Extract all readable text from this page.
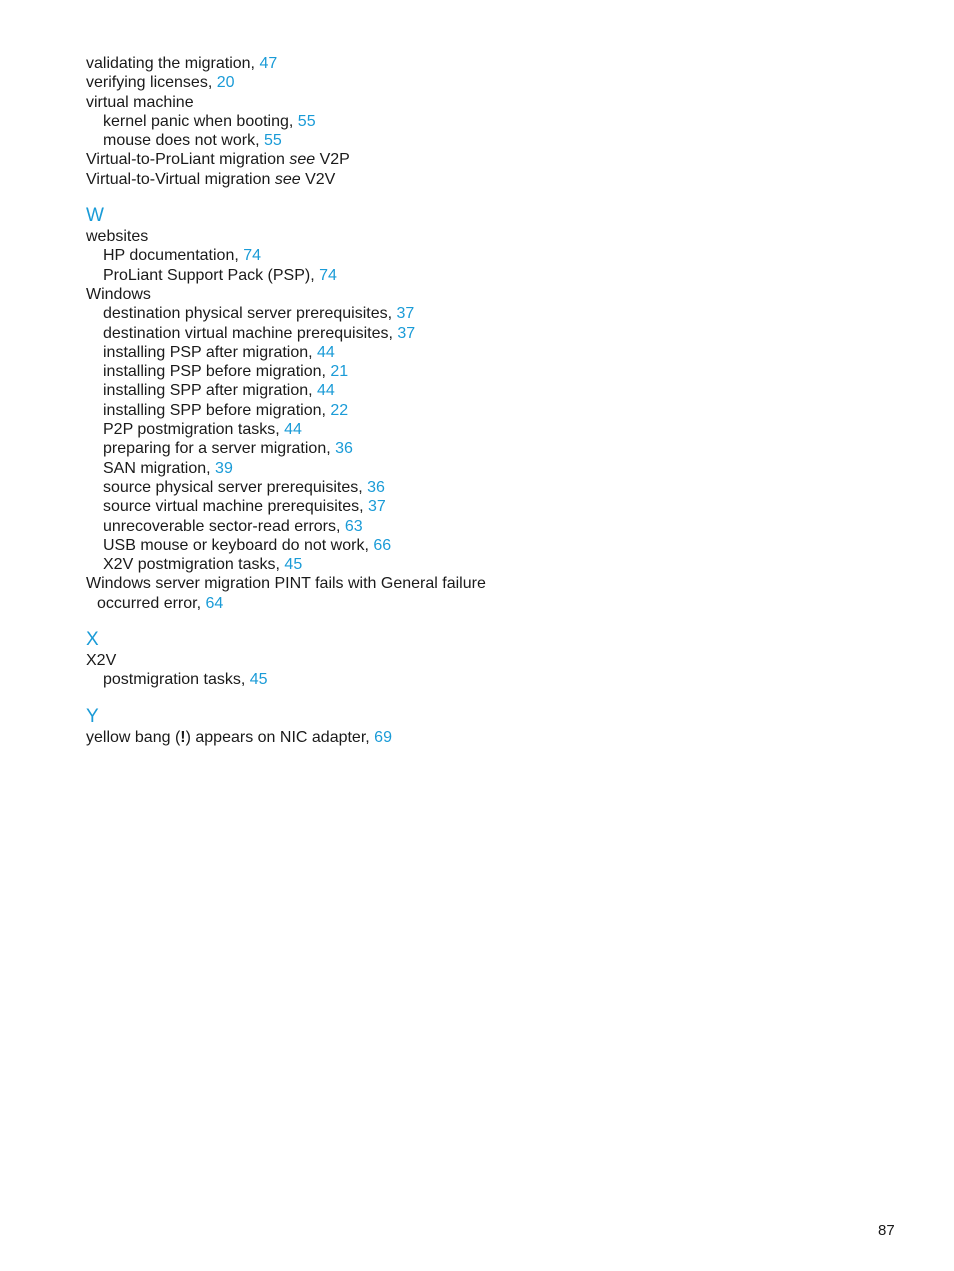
validating the migration, 47
verifying licenses, 20
virtual machine
kernel panic when booting, 55
mouse does not work, 55
Virtual-to-ProLiant migration see V2P
Virtual-to-Virtual migration see V2V
W
websites
HP documentation, 74
ProLiant Support Pack (PSP), 74
Windows
destination physical server prerequisites, 37
destination virtual machine prerequisites, 37
installing PSP after migration, 44
installing PSP before migration, 21
installing SPP after migration, 44
installing SPP before migration, 22
P2P postmigration tasks, 44
preparing for a server migration, 36
SAN migration, 39
source physical server prerequisites, 36
source virtual machine prerequisites, 37
unrecoverable sector-read errors, 63
USB mouse or keyboard do not work, 66
X2V postmigration tasks, 45
Windows server migration PINT fails with General failure
occurred error, 64
X
X2V
postmigration tasks, 45
Y
yellow bang (!) appears on NIC adapter, 69
87
